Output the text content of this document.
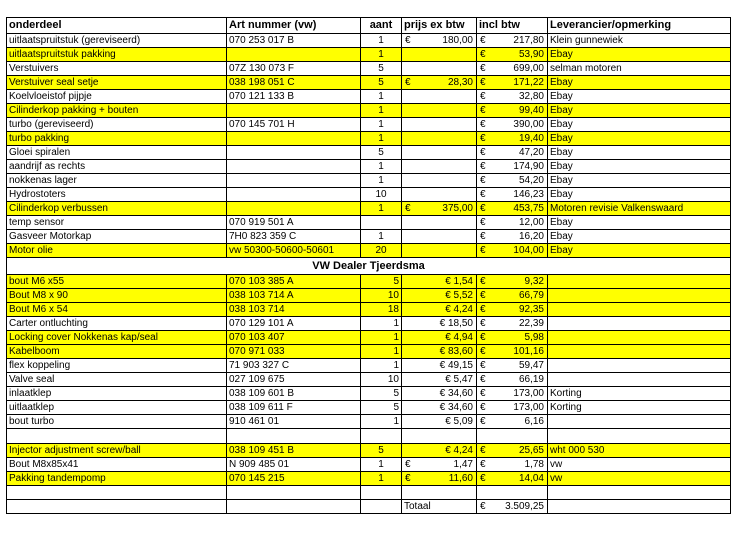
onderdeel	Art nummer (vw)	aant	prijs ex btw	incl btw	Leverancier/opmerking
uitlaatspruitstuk (gereviseerd)	070 253 017 B	1	€ 180,00	€ 217,80	Klein gunnewiek
uitlaatspruitstuk pakking		1		€ 53,90	Ebay
Verstuivers	07Z 130 073 F	5		€ 699,00	selman motoren
Verstuiver seal setje	038 198 051 C	5	€ 28,30	€ 171,22	Ebay
Koelvloeistof pijpje	070 121 133 B	1		€ 32,80	Ebay
Cilinderkop pakking + bouten		1		€ 99,40	Ebay
turbo (gereviseerd)	070 145 701 H	1		€ 390,00	Ebay
turbo pakking		1		€ 19,40	Ebay
Gloei spiralen		5		€ 47,20	Ebay
aandrijf as rechts		1		€ 174,90	Ebay
nokkenas lager		1		€ 54,20	Ebay
Hydrostoters		10		€ 146,23	Ebay
Cilinderkop verbussen		1	€ 375,00	€ 453,75	Motoren revisie Valkenswaard
temp sensor	070 919 501 A			€ 12,00	Ebay
Gasveer Motorkap	7H0 823 359 C	1		€ 16,20	Ebay
Motor olie	vw 50300-50600-50601	20		€ 104,00	Ebay
VW Dealer Tjeerdsma					
bout M6 x55	070 103 385 A	5	€ 1,54	€ 9,32	

Bout M8 x 90	038 103 714 A	10	€ 5,52	€ 66,79	

Bout M6 x 54	038 103 714	18	€ 4,24	€ 92,35	

Carter ontluchting	070 129 101 A	1	€ 18,50	€ 22,39	

Locking cover Nokkenas kap/seal	070 103 407	1	€ 4,94	€ 5,98	

Kabelboom	070 971 033	1	€ 83,60	€ 101,16	

flex koppeling	71 903 327 C	1	€ 49,15	€ 59,47	

Valve seal	027 109 675	10	€ 5,47	€ 66,19	

inlaatklep	038 109 601 B	5	€ 34,60	€ 173,00	Korting
uitlaatklep	038 109 611 F	5	€ 34,60	€ 173,00	Korting
bout turbo	910 461 01	1	€ 5,09	€ 6,16	

Injector adjustment screw/ball	038 109 451 B	5	€ 4,24	€ 25,65	wht 000 530
Bout M8x85x41	N 909 485 01	1	€ 1,47	€ 1,78	vw
Pakking tandempomp	070 145 215	1	€ 11,60	€ 14,04	vw

			Totaal	€ 3.509,25	
